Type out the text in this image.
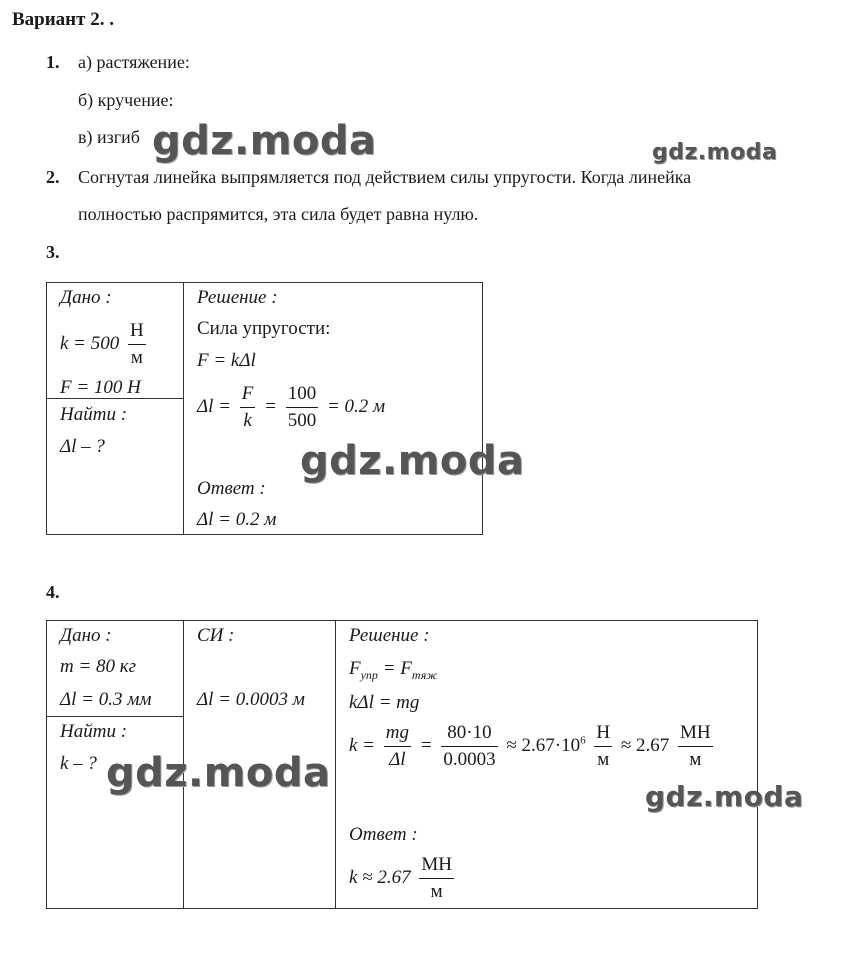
Вариант 2. .
1. а) растяжение:
б) кручение:
в) изгиб
2. Согнутая линейка выпрямляется под действием силы упругости. Когда линейка
полностью распрямится, эта сила будет равна нулю.
3.
Дано :
$k = 500 \frac{Н}{м}$
F = 100 Н
Найти :
Δl – ?
Решение :
Сила упругости:
F = kΔl
$\Delta l = \frac{F}{k} = \frac{100}{500} = 0.2$ м
Ответ :
Δl = 0.2 м
4.
Дано :
m = 80 кг
Δl = 0.3 мм
Найти :
k – ?
СИ :
Δl = 0.0003 м
Решение :
$F_{упр} = F_{тяж}$
kΔl = mg
$k = \frac{mg}{\Delta l} = \frac{80\cdot 10}{0.0003} \approx 2.67\cdot 10^6 \frac{Н}{м} \approx 2.67 \frac{МН}{м}$
Ответ :
$k \approx 2.67 \frac{МН}{м}$
gdz.moda	gdz.moda
gdz.moda
gdz.moda
gdz.moda
